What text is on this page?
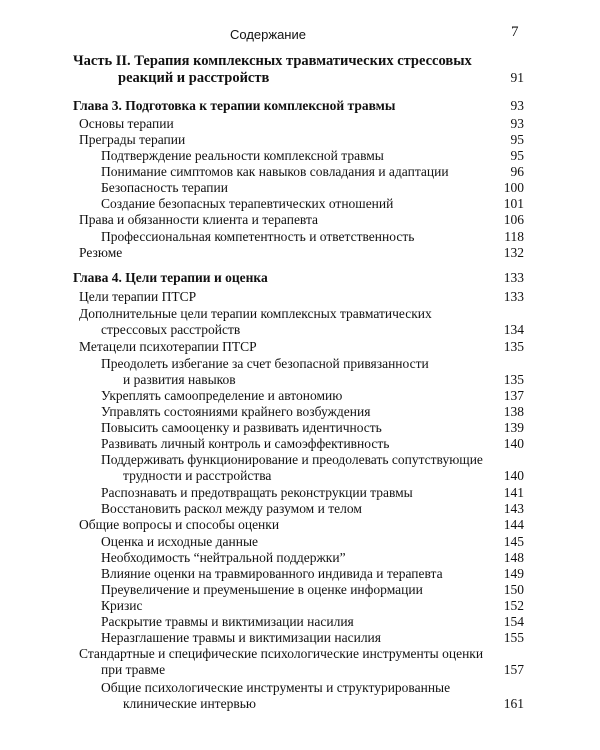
Содержание	7
Часть II. Терапия комплексных травматических стрессовых
реакций и расстройств	91
Глава 3. Подготовка к терапии комплексной травмы	93
Основы терапии	93
Преграды терапии	95
Подтверждение реальности комплексной травмы	95
Понимание симптомов как навыков совладания и адаптации	96
Безопасность терапии	100
Создание безопасных терапевтических отношений	101
Права и обязанности клиента и терапевта	106
Профессиональная компетентность и ответственность	118
Резюме	132
Глава 4. Цели терапии и оценка	133
Цели терапии ПТСР	133
Дополнительные цели терапии комплексных травматических
стрессовых расстройств	134
Метацели психотерапии ПТСР	135
Преодолеть избегание за счет безопасной привязанности
и развития навыков	135
Укреплять самоопределение и автономию	137
Управлять состояниями крайнего возбуждения	138
Повысить самооценку и развивать идентичность	139
Развивать личный контроль и самоэффективность	140
Поддерживать функционирование и преодолевать сопутствующие
трудности и расстройства	140
Распознавать и предотвращать реконструкции травмы	141
Восстановить раскол между разумом и телом	143
Общие вопросы и способы оценки	144
Оценка и исходные данные	145
Необходимость “нейтральной поддержки”	148
Влияние оценки на травмированного индивида и терапевта	149
Преувеличение и преуменьшение в оценке информации	150
Кризис	152
Раскрытие травмы и виктимизации насилия	154
Неразглашение травмы и виктимизации насилия	155
Стандартные и специфические психологические инструменты оценки
при травме	157
Общие психологические инструменты и структурированные
клинические интервью	161
